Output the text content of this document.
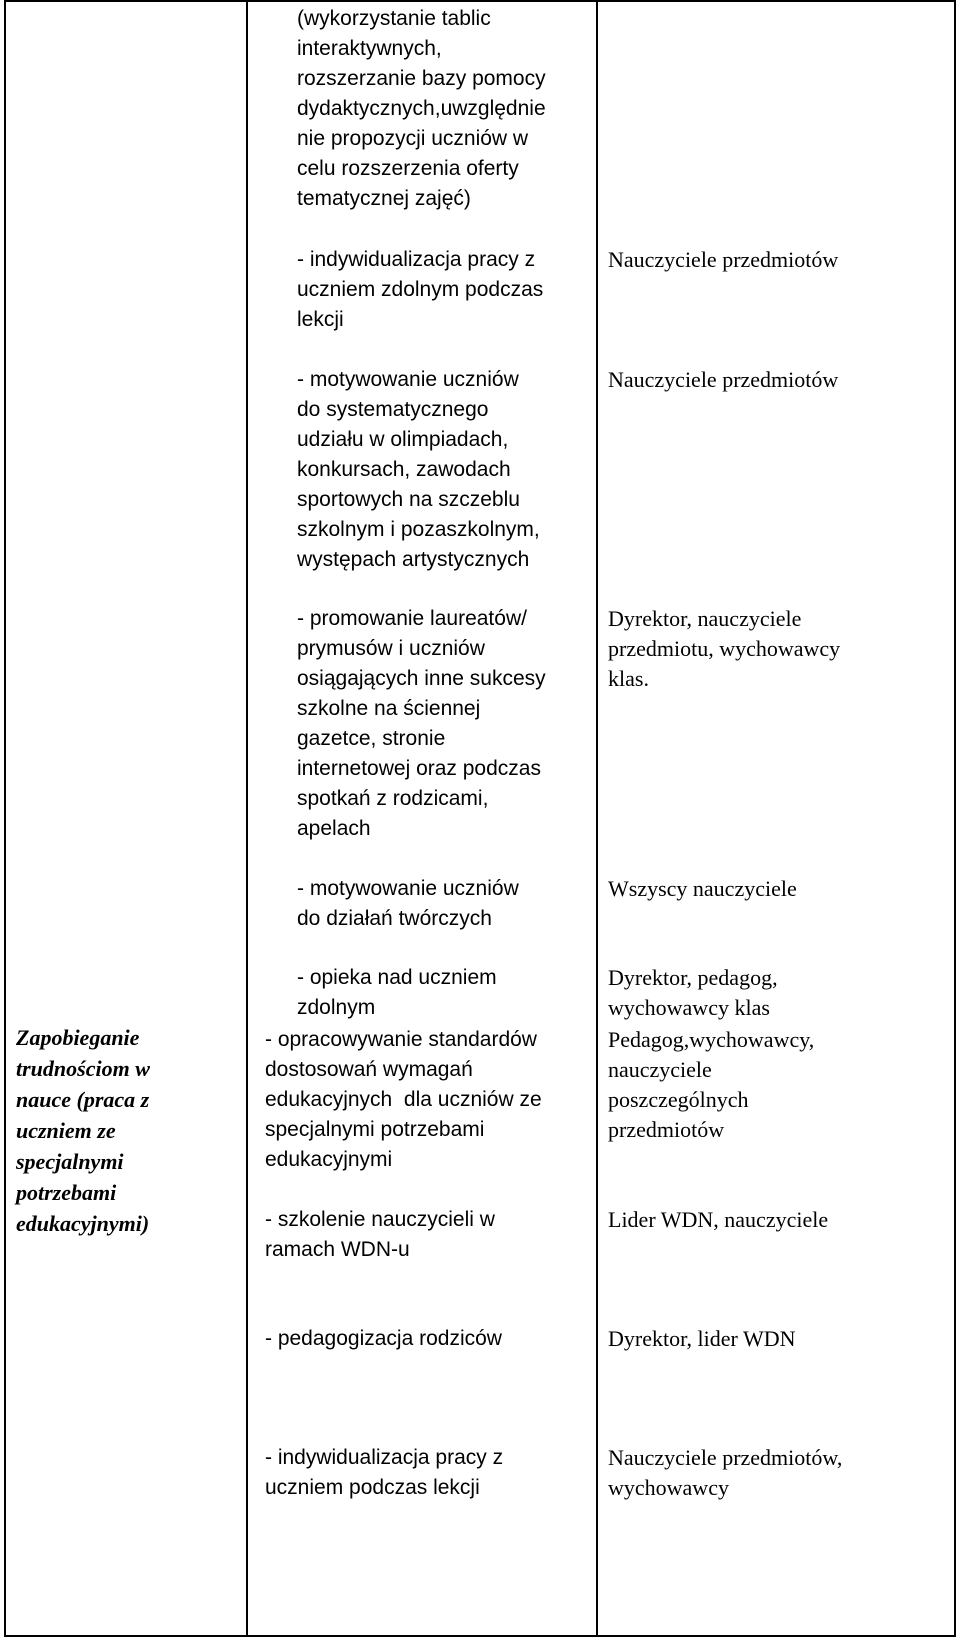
Zapobieganie
trudnościom w
nauce (praca z
uczniem ze
specjalnymi
potrzebami
edukacyjnymi)
(wykorzystanie tablic
interaktywnych,
rozszerzanie bazy pomocy
dydaktycznych,uwzględnie
nie propozycji uczniów w
celu rozszerzenia oferty
tematycznej zajęć)
- indywidualizacja pracy z
uczniem zdolnym podczas
lekcji
- motywowanie uczniów
do systematycznego
udziału w olimpiadach,
konkursach, zawodach
sportowych na szczeblu
szkolnym i pozaszkolnym,
występach artystycznych
- promowanie laureatów/
prymusów i uczniów
osiągających inne sukcesy
szkolne na ściennej
gazetce, stronie
internetowej oraz podczas
spotkań z rodzicami,
apelach
- motywowanie uczniów
do działań twórczych
- opieka nad uczniem
zdolnym
- opracowywanie standardów
dostosowań wymagań
edukacyjnych  dla uczniów ze
specjalnymi potrzebami
edukacyjnymi
- szkolenie nauczycieli w
ramach WDN-u
- pedagogizacja rodziców
- indywidualizacja pracy z
uczniem podczas lekcji
Nauczyciele przedmiotów
Nauczyciele przedmiotów
Dyrektor, nauczyciele
przedmiotu, wychowawcy
klas.
Wszyscy nauczyciele
Dyrektor, pedagog,
wychowawcy klas
Pedagog,wychowawcy,
nauczyciele
poszczególnych
przedmiotów
Lider WDN, nauczyciele
Dyrektor, lider WDN
Nauczyciele przedmiotów,
wychowawcy
